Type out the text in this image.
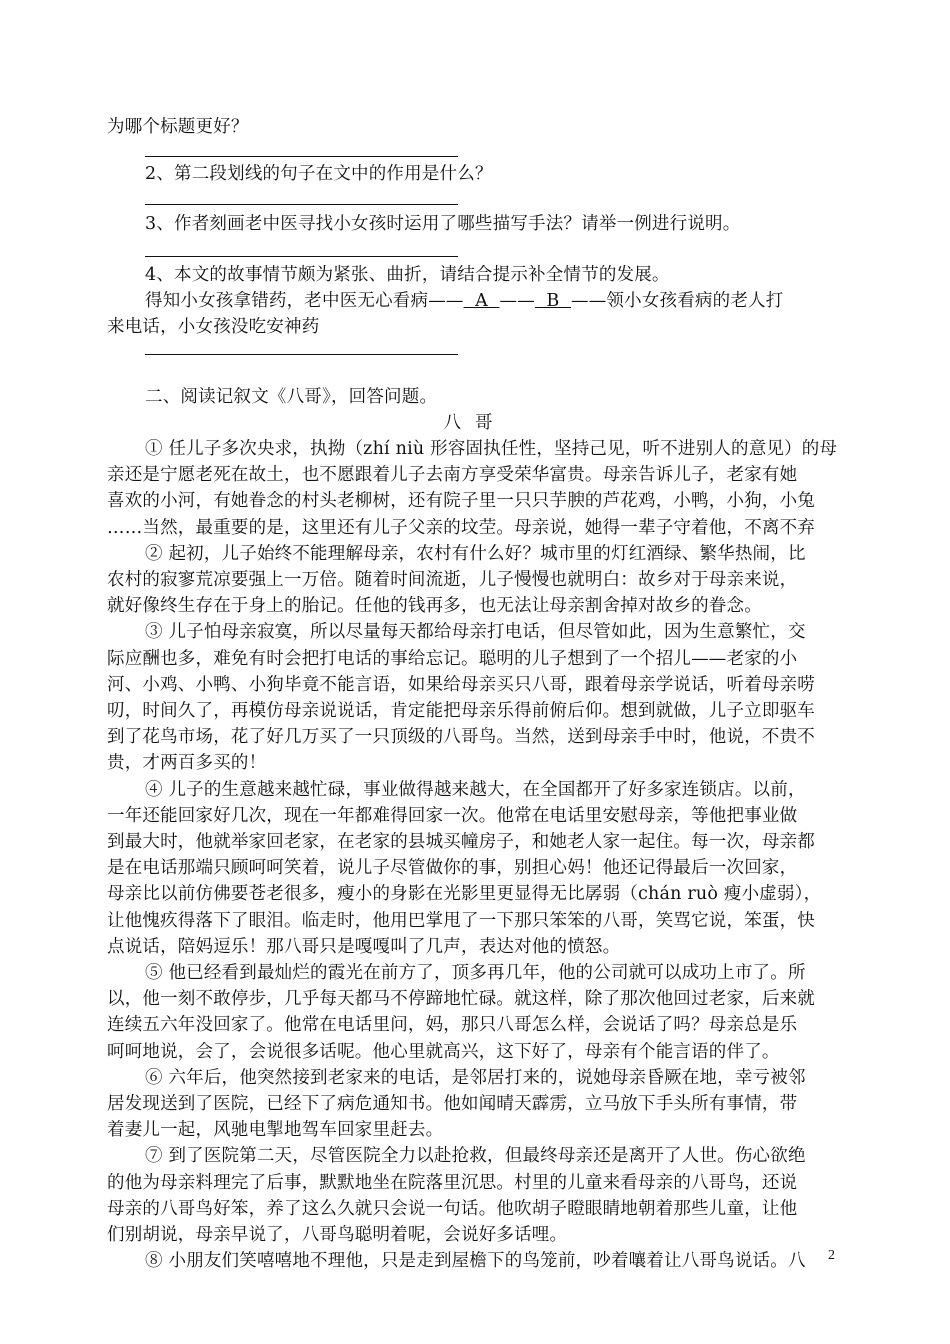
为哪个标题更好？
2、第二段划线的句子在文中的作用是什么？
3、作者刻画老中医寻找小女孩时运用了哪些描写手法？请举一例进行说明。
4、本文的故事情节颇为紧张、曲折，请结合提示补全情节的发展。
得知小女孩拿错药，老中医无心看病——  A  ——  B  ——领小女孩看病的老人打
来电话，小女孩没吃安神药
二、阅读记叙文《八哥》，回答问题。
八哥
① 任儿子多次央求，执拗（zhí niù 形容固执任性，坚持己见，听不进别人的意见）的母
亲还是宁愿老死在故土，也不愿跟着儿子去南方享受荣华富贵。母亲告诉儿子，老家有她
喜欢的小河，有她眷念的村头老柳树，还有院子里一只只芋腴的芦花鸡，小鸭，小狗，小兔
……当然，最重要的是，这里还有儿子父亲的坟茔。母亲说，她得一辈子守着他，不离不弃
② 起初，儿子始终不能理解母亲，农村有什么好？城市里的灯红酒绿、繁华热闹，比
农村的寂寥荒凉要强上一万倍。随着时间流逝，儿子慢慢也就明白：故乡对于母亲来说，
就好像终生存在于身上的胎记。任他的钱再多，也无法让母亲割舍掉对故乡的眷念。
③ 儿子怕母亲寂寞，所以尽量每天都给母亲打电话，但尽管如此，因为生意繁忙，交
际应酬也多，难免有时会把打电话的事给忘记。聪明的儿子想到了一个招儿——老家的小
河、小鸡、小鸭、小狗毕竟不能言语，如果给母亲买只八哥，跟着母亲学说话，听着母亲唠
叨，时间久了，再模仿母亲说说话，肯定能把母亲乐得前俯后仰。想到就做，儿子立即驱车
到了花鸟市场，花了好几万买了一只顶级的八哥鸟。当然，送到母亲手中时，他说，不贵不
贵，才两百多买的！
④ 儿子的生意越来越忙碌，事业做得越来越大，在全国都开了好多家连锁店。以前，
一年还能回家好几次，现在一年都难得回家一次。他常在电话里安慰母亲，等他把事业做
到最大时，他就举家回老家，在老家的县城买幢房子，和她老人家一起住。每一次，母亲都
是在电话那端只顾呵呵笑着，说儿子尽管做你的事，别担心妈！他还记得最后一次回家，
母亲比以前仿佛要苍老很多，瘦小的身影在光影里更显得无比孱弱（chán ruò 瘦小虚弱），
让他愧疚得落下了眼泪。临走时，他用巴掌甩了一下那只笨笨的八哥，笑骂它说，笨蛋，快
点说话，陪妈逗乐！那八哥只是嘎嘎叫了几声，表达对他的愤怒。
⑤ 他已经看到最灿烂的霞光在前方了，顶多再几年，他的公司就可以成功上市了。所
以，他一刻不敢停步，几乎每天都马不停蹄地忙碌。就这样，除了那次他回过老家，后来就
连续五六年没回家了。他常在电话里问，妈，那只八哥怎么样，会说话了吗？母亲总是乐
呵呵地说，会了，会说很多话呢。他心里就高兴，这下好了，母亲有个能言语的伴了。
⑥ 六年后，他突然接到老家来的电话，是邻居打来的，说她母亲昏厥在地，幸亏被邻
居发现送到了医院，已经下了病危通知书。他如闻晴天霹雳，立马放下手头所有事情，带
着妻儿一起，风驰电掣地驾车回家里赶去。
⑦ 到了医院第二天，尽管医院全力以赴抢救，但最终母亲还是离开了人世。伤心欲绝
的他为母亲料理完了后事，默默地坐在院落里沉思。村里的儿童来看母亲的八哥鸟，还说
母亲的八哥鸟好笨，养了这么久就只会说一句话。他吹胡子瞪眼睛地朝着那些儿童，让他
们别胡说，母亲早说了，八哥鸟聪明着呢，会说好多话哩。
⑧ 小朋友们笑嘻嘻地不理他，只是走到屋檐下的鸟笼前，吵着嚷着让八哥鸟说话。八	2
